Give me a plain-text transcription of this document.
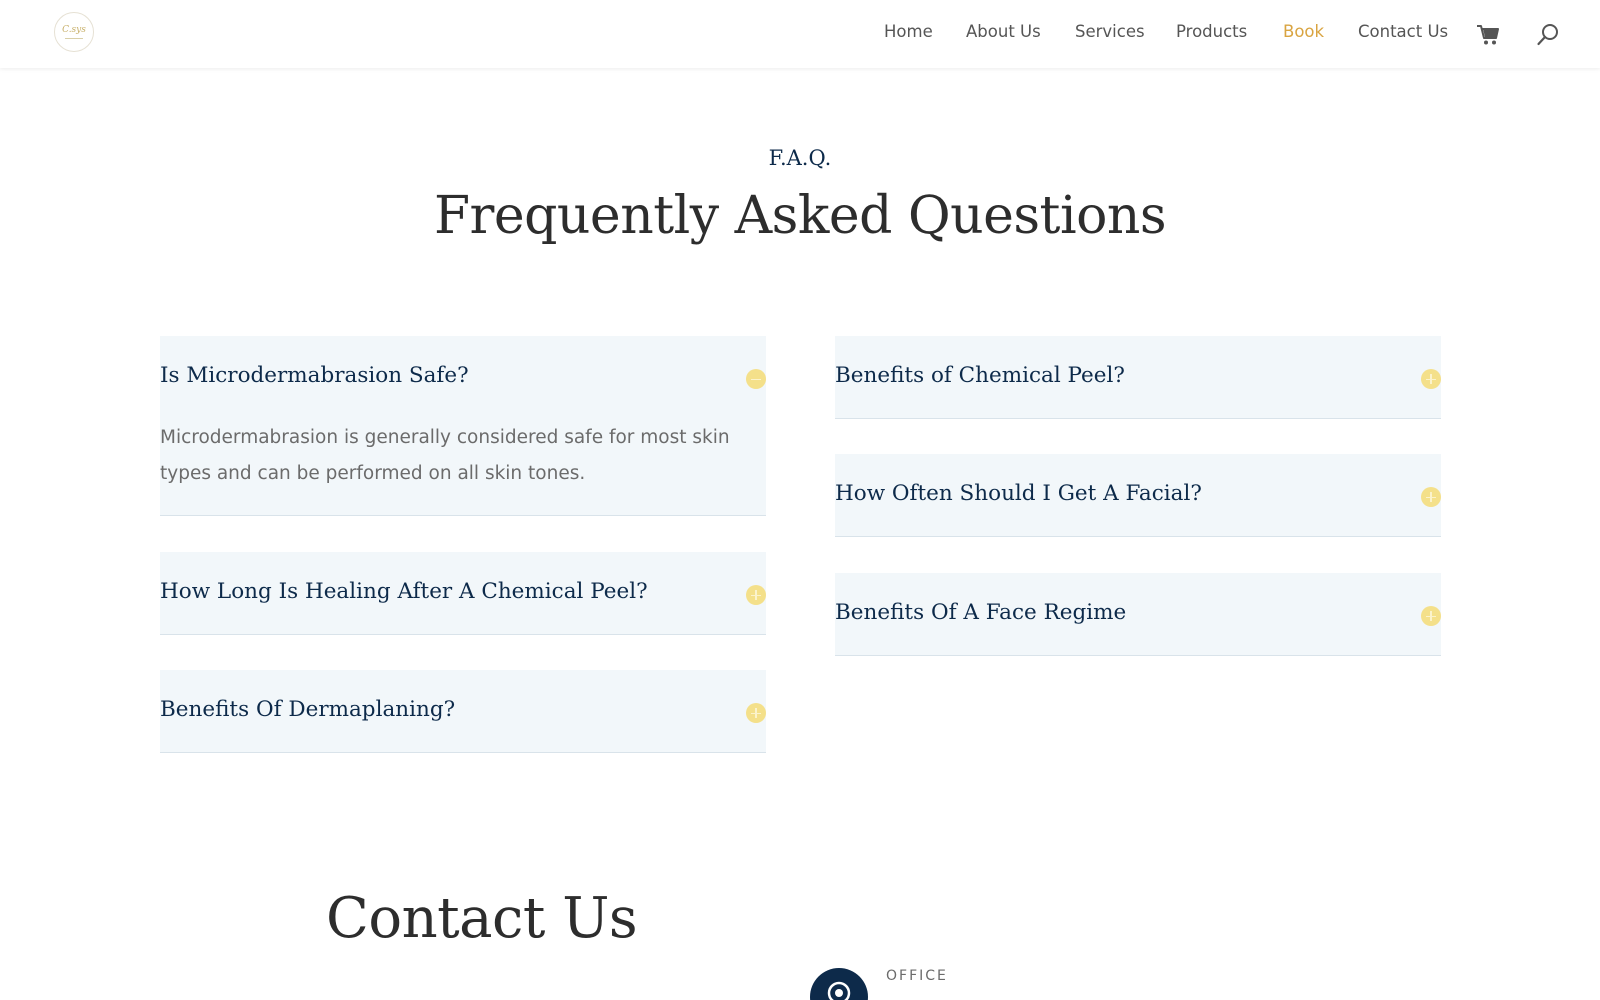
C.sys	Home About Us Services Products Book Contact Us
F.A.Q.
Frequently Asked Questions
Is Microdermabrasion Safe?
Microdermabrasion is generally considered safe for most skin types and can be performed on all skin tones.
How Long Is Healing After A Chemical Peel?
Benefits Of Dermaplaning?
Benefits of Chemical Peel?
How Often Should I Get A Facial?
Benefits Of A Face Regime
Contact Us
OFFICE
